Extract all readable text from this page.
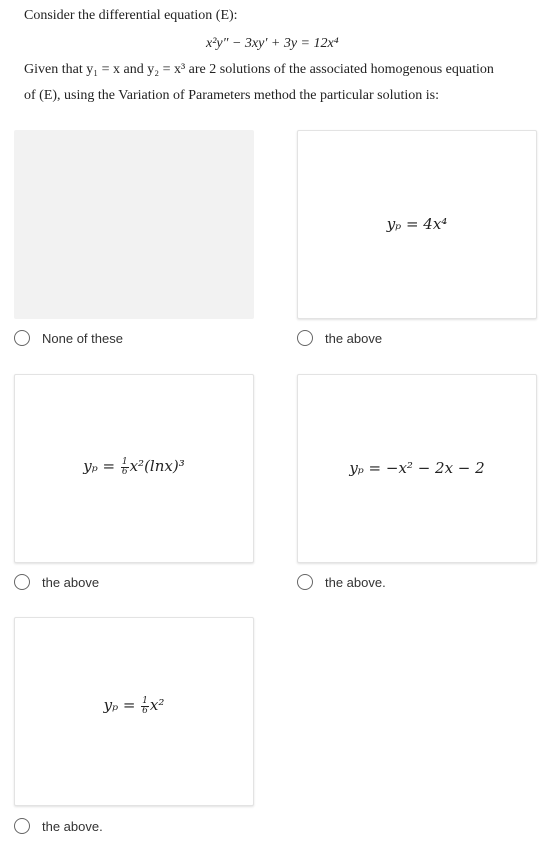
Consider the differential equation (E):
x²y″ − 3xy′ + 3y = 12x⁴
Given that y₁ = x and y₂ = x³ are 2 solutions of the associated homogenous equation
of (E), using the Variation of Parameters method the particular solution is:
None of these
yₚ = 4x⁴
the above
$y_p = \frac{1}{6} x^2(\ln x)^3$
the above
yₚ = −x² − 2x − 2
the above.
$y_p = \frac{1}{6} x^2$
the above.
